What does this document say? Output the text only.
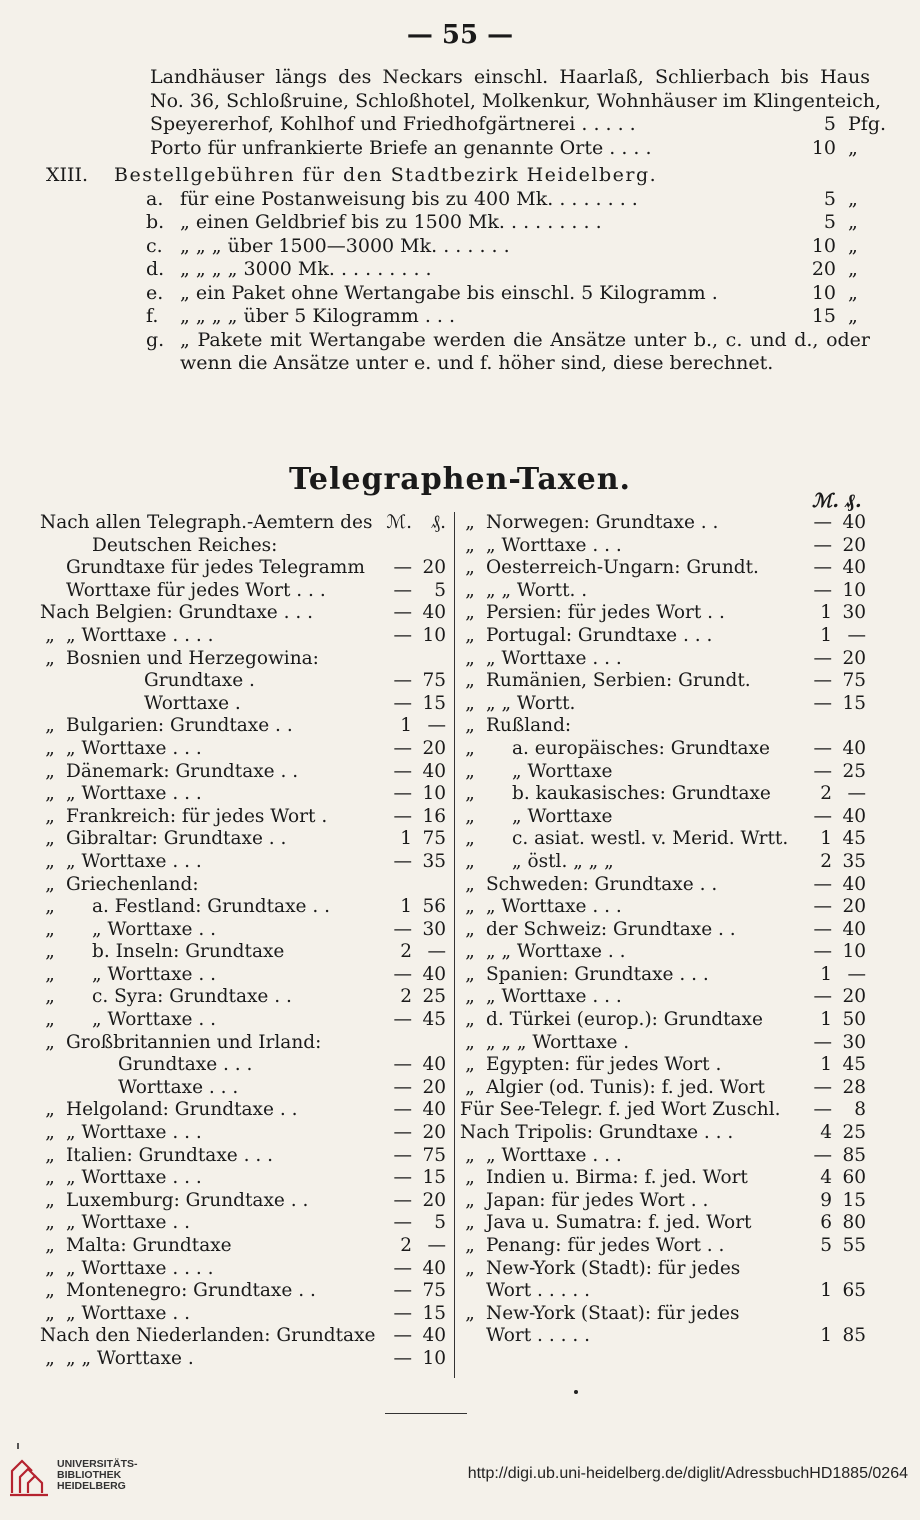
— 55 —
Landhäuser längs des Neckars einschl. Haarlaß, Schlierbach bis Haus
No. 36, Schloßruine, Schloßhotel, Molkenkur, Wohnhäuser im Klingenteich,
Speyererhof, Kohlhof und Friedhofgärtnerei . . . . .	5 Pfg.
Porto für unfrankierte Briefe an genannte Orte . . . .	10 „
XIII. Bestellgebühren für den Stadtbezirk Heidelberg.
a. für eine Postanweisung bis zu 400 Mk. . . . . . . .	5 „
b. „ einen Geldbrief bis zu 1500 Mk. . . . . . . . .	5 „
c. „ „ „ über 1500—3000 Mk. . . . . . .	10 „
d. „ „ „ „ 3000 Mk. . . . . . . . .	20 „
e. „ ein Paket ohne Wertangabe bis einschl. 5 Kilogramm .	10 „
f. „ „ „ „ über 5 Kilogramm . . .	15 „
g. „ Pakete mit Wertangabe werden die Ansätze unter b., c. und d., oder
wenn die Ansätze unter e. und f. höher sind, diese berechnet.
Telegraphen-Taxen.
ℳ. ₰.
Nach allen Telegraph.-Aemtern des ℳ.	₰.
Deutschen Reiches:
Grundtaxe für jedes Telegramm	— 20
Worttaxe für jedes Wort . . .	—	5
Nach Belgien: Grundtaxe . . .	— 40
„ „ Worttaxe . . . .	— 10
„ Bosnien und Herzegowina:
Grundtaxe .	— 75
Worttaxe .	— 15
„ Bulgarien: Grundtaxe . .	1 —
„ „ Worttaxe . . .	— 20
„ Dänemark: Grundtaxe . .	— 40
„ „ Worttaxe . . .	— 10
„ Frankreich: für jedes Wort .	— 16
„ Gibraltar: Grundtaxe . .	1 75
„ „ Worttaxe . . .	— 35
„ Griechenland:
„ a. Festland: Grundtaxe . .	1 56
„ „ Worttaxe . .	— 30
„ b. Inseln: Grundtaxe	2 —
„ „ Worttaxe . .	— 40
„ c. Syra: Grundtaxe . .	2 25
„ „ Worttaxe . .	— 45
„ Großbritannien und Irland:
Grundtaxe . . .	— 40
Worttaxe . . .	— 20
„ Helgoland: Grundtaxe . .	— 40
„ „ Worttaxe . . .	— 20
„ Italien: Grundtaxe . . .	— 75
„ „ Worttaxe . . .	— 15
„ Luxemburg: Grundtaxe . .	— 20
„ „ Worttaxe . .	—	5
„ Malta: Grundtaxe	2 —
„ „ Worttaxe . . . .	— 40
„ Montenegro: Grundtaxe . .	— 75
„ „ Worttaxe . .	— 15
Nach den Niederlanden: Grundtaxe — 40
„ „ „ Worttaxe .	— 10
„ Norwegen: Grundtaxe . .	— 40
„ „ Worttaxe . . .	— 20
„ Oesterreich-Ungarn: Grundt.	— 40
„ „ „ Wortt. .	— 10
„ Persien: für jedes Wort . .	1 30
„ Portugal: Grundtaxe . . .	1 —
„ „ Worttaxe . . .	— 20
„ Rumänien, Serbien: Grundt.	— 75
„ „ „ Wortt.	— 15
„ Rußland:
„ a. europäisches: Grundtaxe	— 40
„ „ Worttaxe	— 25
„ b. kaukasisches: Grundtaxe	2 —
„ „ Worttaxe	— 40
„ c. asiat. westl. v. Merid. Wrtt.	1 45
„ „ östl. „ „ „	2 35
„ Schweden: Grundtaxe . .	— 40
„ „ Worttaxe . . .	— 20
„ der Schweiz: Grundtaxe . .	— 40
„ „ „ Worttaxe . .	— 10
„ Spanien: Grundtaxe . . .	1 —
„ „ Worttaxe . . .	— 20
„ d. Türkei (europ.): Grundtaxe	1 50
„ „ „ „ Worttaxe .	— 30
„ Egypten: für jedes Wort .	1 45
„ Algier (od. Tunis): f. jed. Wort	— 28
Für See-Telegr. f. jed Wort Zuschl.	—	8
Nach Tripolis: Grundtaxe . . .	4 25
„ „ Worttaxe . . .	— 85
„ Indien u. Birma: f. jed. Wort	4 60
„ Japan: für jedes Wort . .	9 15
„ Java u. Sumatra: f. jed. Wort	6 80
„ Penang: für jedes Wort . .	5 55
„ New-York (Stadt): für jedes
Wort . . . . .	1 65
„ New-York (Staat): für jedes
Wort . . . . .	1 85
UNIVERSITÄTS-
BIBLIOTHEK
HEIDELBERG
http://digi.ub.uni-heidelberg.de/diglit/AdressbuchHD1885/0264
